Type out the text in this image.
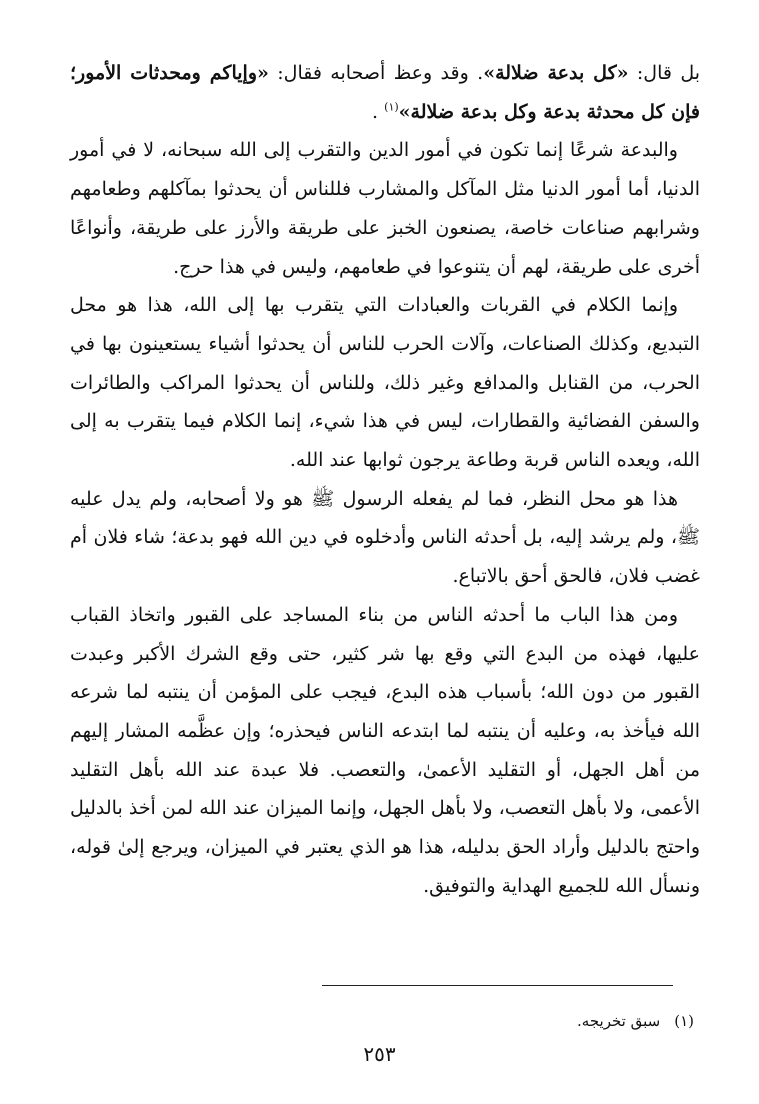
بل قال: «كل بدعة ضلالة». وقد وعظ أصحابه فقال: «وإياكم ومحدثات الأمور؛ فإن كل محدثة بدعة وكل بدعة ضلالة»$^{(١)}$ .

والبدعة شرعًا إنما تكون في أمور الدين والتقرب إلى الله سبحانه، لا في أمور الدنيا، أما أمور الدنيا مثل المآكل والمشارب فللناس أن يحدثوا بمآكلهم وطعامهم وشرابهم صناعات خاصة، يصنعون الخبز على طريقة والأرز على طريقة، وأنواعًا أخرى على طريقة، لهم أن يتنوعوا في طعامهم، وليس في هذا حرج.

وإنما الكلام في القربات والعبادات التي يتقرب بها إلى الله، هذا هو محل التبديع، وكذلك الصناعات، وآلات الحرب للناس أن يحدثوا أشياء يستعينون بها في الحرب، من القنابل والمدافع وغير ذلك، وللناس أن يحدثوا المراكب والطائرات والسفن الفضائية والقطارات، ليس في هذا شيء، إنما الكلام فيما يتقرب به إلى الله، ويعده الناس قربة وطاعة يرجون ثوابها عند الله.

هذا هو محل النظر، فما لم يفعله الرسول ﷺ هو ولا أصحابه، ولم يدل عليه ﷺ، ولم يرشد إليه، بل أحدثه الناس وأدخلوه في دين الله فهو بدعة؛ شاء فلان أم غضب فلان، فالحق أحق بالاتباع.

ومن هذا الباب ما أحدثه الناس من بناء المساجد على القبور واتخاذ القباب عليها، فهذه من البدع التي وقع بها شر كثير، حتى وقع الشرك الأكبر وعبدت القبور من دون الله؛ بأسباب هذه البدع، فيجب على المؤمن أن ينتبه لما شرعه الله فيأخذ به، وعليه أن ينتبه لما ابتدعه الناس فيحذره؛ وإن عظَّمه المشار إليهم من أهل الجهل، أو التقليد الأعمىٰ، والتعصب. فلا عبدة عند الله بأهل التقليد الأعمى، ولا بأهل التعصب، ولا بأهل الجهل، وإنما الميزان عند الله لمن أخذ بالدليل واحتج بالدليل وأراد الحق بدليله، هذا هو الذي يعتبر في الميزان، ويرجع إلىٰ قوله، ونسأل الله للجميع الهداية والتوفيق.

(١)سبق تخريجه.
٢٥٣
